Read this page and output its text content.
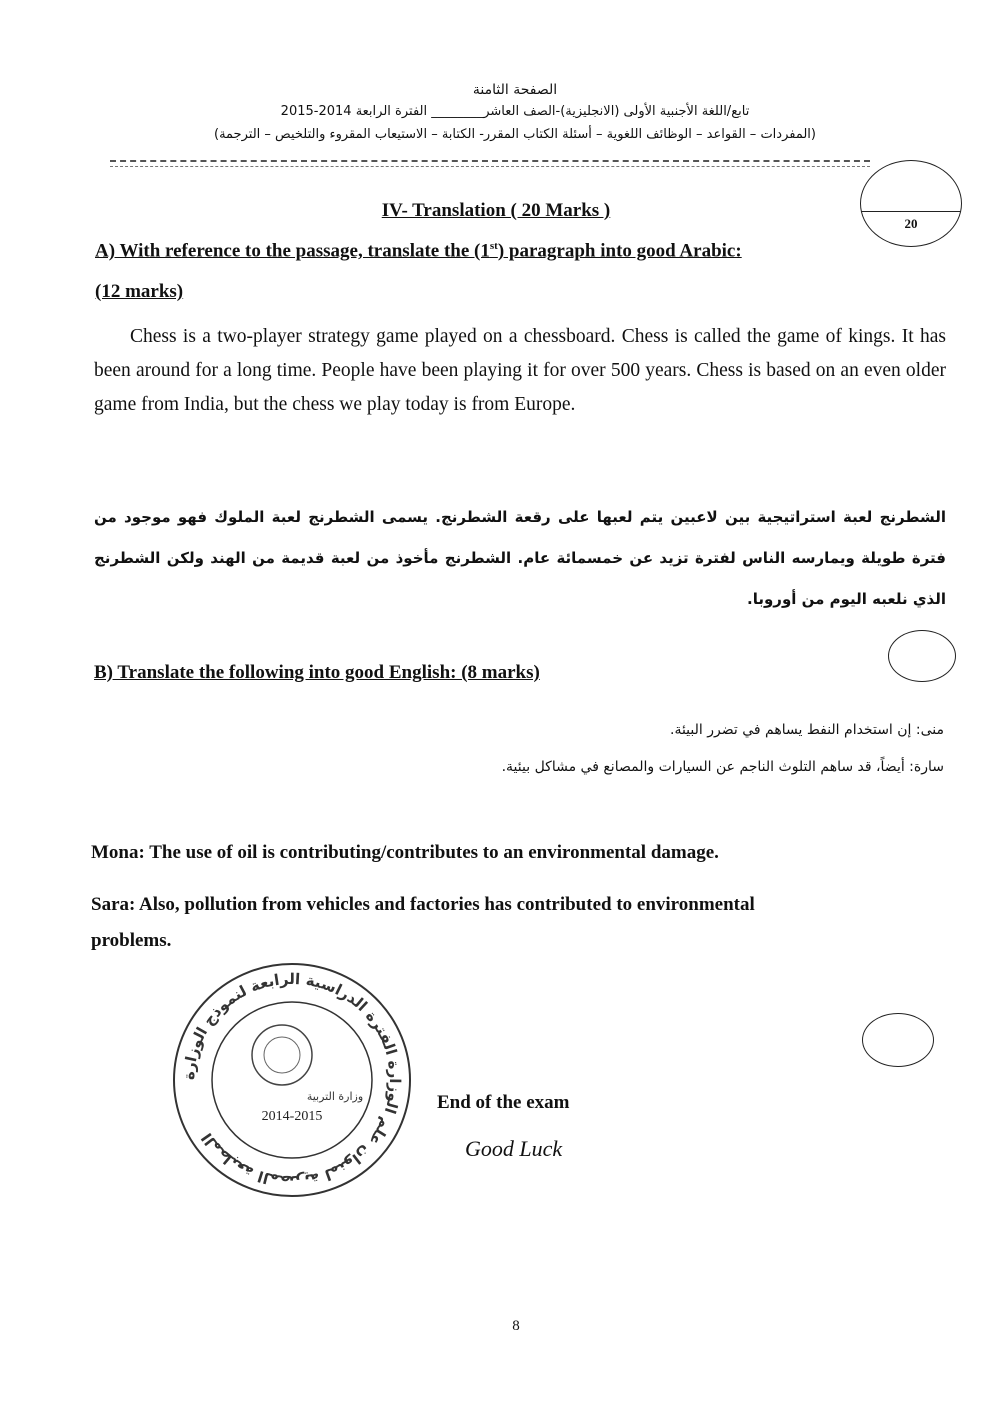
الصفحة الثامنة
تابع/اللغة الأجنبية الأولى (الانجليزية)-الصف العاشر________ الفترة الرابعة 2014-2015
(المفردات – القواعد – الوظائف اللغوية – أسئلة الكتاب المقرر- الكتابة – الاستيعاب المقروء والتلخيص – الترجمة)
20
IV- Translation ( 20 Marks )
A) With reference to the passage, translate the (1st) paragraph into good Arabic:
(12 marks)
Chess is a two-player strategy game played on a chessboard. Chess is called the game of kings. It has been around for a long time. People have been playing it for over 500 years. Chess is based on an even older game from India, but the chess we play today is from Europe.
الشطرنج لعبة استراتيجية بين لاعبين يتم لعبها على رقعة الشطرنج. يسمى الشطرنج لعبة الملوك فهو موجود من فترة طويلة ويمارسه الناس لفترة تزيد عن خمسمائة عام. الشطرنج مأخوذ من لعبة قديمة من الهند ولكن الشطرنج الذي نلعبه اليوم من أوروبا.
B) Translate the following into good English: (8 marks)
منى: إن استخدام النفط يساهم في تضرر البيئة.
سارة: أيضاً، قد ساهم التلوث الناجم عن السيارات والمصانع في مشاكل بيئية.
Mona: The use of oil is contributing/contributes to an environmental damage.
Sara: Also, pollution from vehicles and factories has contributed to environmental
problems.
المطبعة المصرية لمنوان علم الوزارة الفترة الدراسية الرابعة لنموذج الوزارة
وزارة التربية
2014-2015
End of the exam
Good Luck
8
